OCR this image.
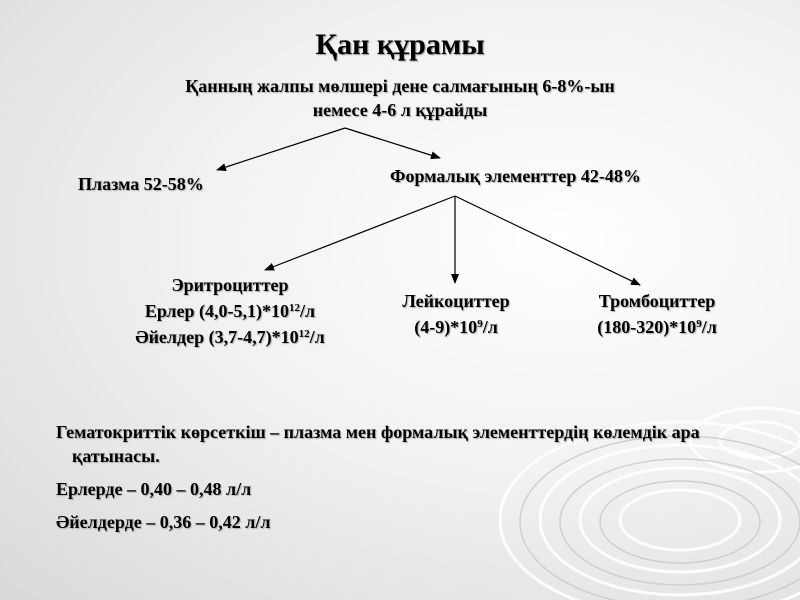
Қан құрамы
Қанның жалпы мөлшері дене салмағының 6-8%-ын
немесе 4-6 л құрайды
Плазма 52-58%	Формалық элементтер 42-48%
Эритроциттер
Ерлер $(4,0-5,1)*10^{12}/л$
Әйелдер $(3,7-4,7)*10^{12}/л$
Лейкоциттер
$(4-9)*10^9/л$
Тромбоциттер
$(180-320)*10^9/л$

Гематокриттік көрсеткіш – плазма мен формалық элементтердің көлемдік ара қатынасы.

Ерлерде – 0,40 – 0,48 л/л

Әйелдерде – 0,36 – 0,42 л/л
